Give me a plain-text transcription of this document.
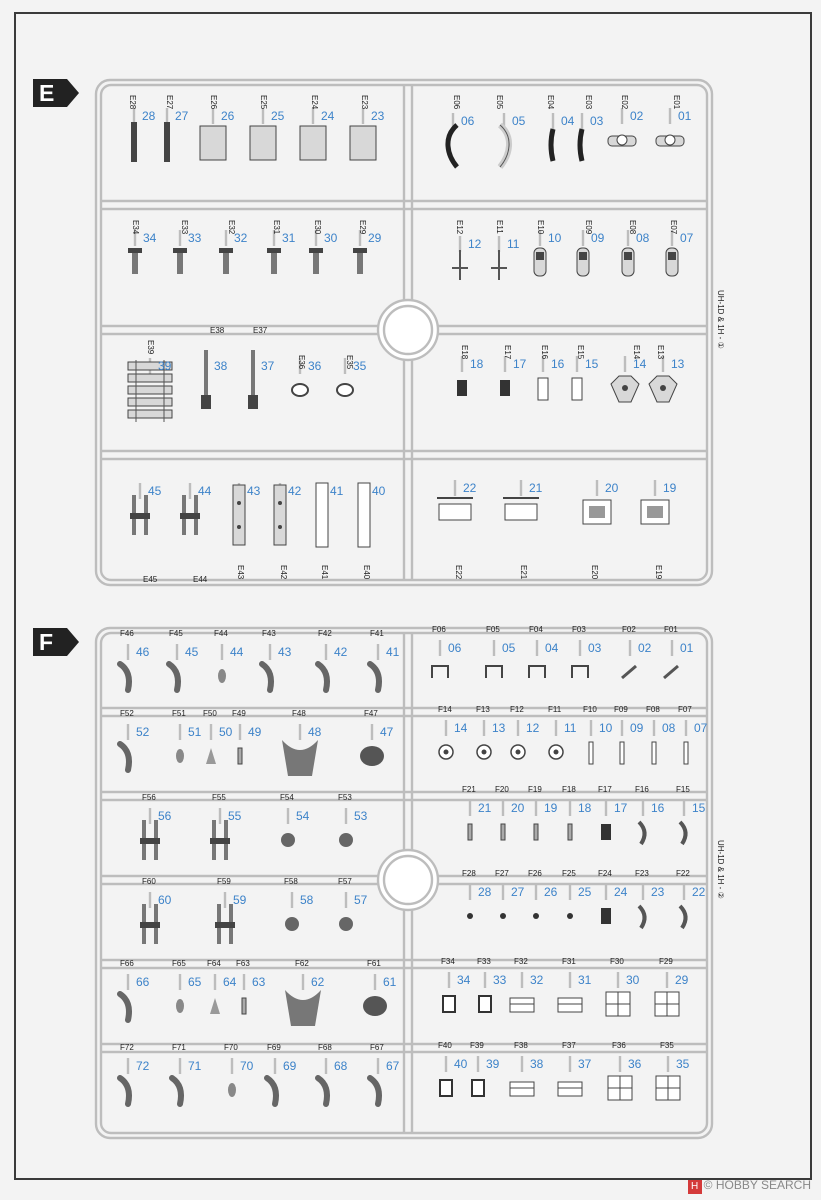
E
F
UH-1D & 1H - ①
01
E01
02
E02
03
E03
04
E04
05
E05
06
E06
07
E07
08
E08
09
E09
10
E10
11
E11
12
E12
13
E13
14
E14
15
E15
16
E16
17
E17
18
E18
19
E19
20
E20
21
E21
22
E22
23
E23
24
E24
25
E25
26
E26
27
E27
28
E28
29
E29
30
E30
31
E31
32
E32
33
E33
34
E34
35
E35
36
E36
37
E37
38
E38
39
E39
40
E40
41
E41
42
E42
43
E43
44
E44
45
E45
UH-1D & 1H - ②
01
F01
02
F02
03
F03
04
F04
05
F05
06
F06
07
F07
08
F08
09
F09
10
F10
11
F11
12
F12
13
F13
14
F14
15
F15
16
F16
17
F17
18
F18
19
F19
20
F20
21
F21
22
F22
23
F23
24
F24
25
F25
26
F26
27
F27
28
F28
29
F29
30
F30
31
F31
32
F32
33
F33
34
F34
35
F35
36
F36
37
F37
38
F38
39
F39
40
F40
41
F41
42
F42
43
F43
44
F44
45
F45
46
F46
47
F47
48
F48
49
F49
50
F50
51
F51
52
F52
53
F53
54
F54
55
F55
56
F56
57
F57
58
F58
59
F59
60
F60
61
F61
62
F62
63
F63
64
F64
65
F65
66
F66
67
F67
68
F68
69
F69
70
F70
71
F71
72
F72
H © HOBBY SEARCH
